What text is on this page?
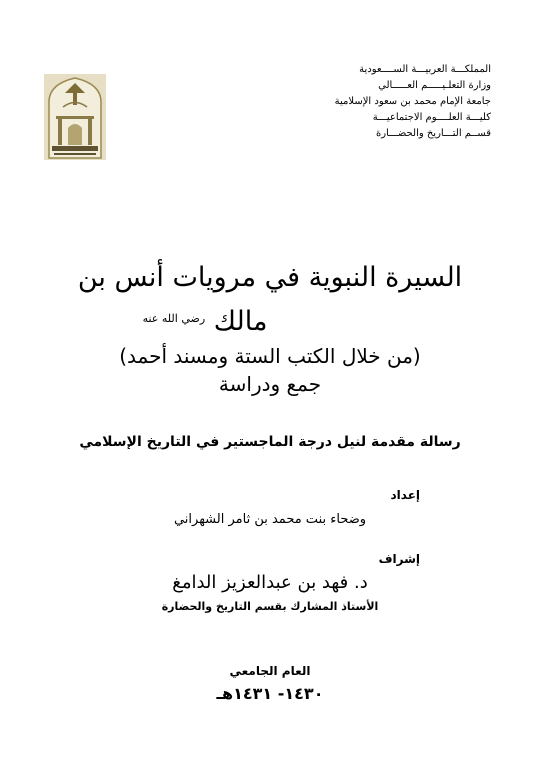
المملكـــة العربيـــة الســــعودية
وزارة التعلـيـــــم العـــــالي
جامعة الإمام محمد بن سعود الإسلامية
كليـــة العلــــوم الاجتماعيـــة
قســم التـــاريخ والحضـــارة
السيرة النبوية في مرويات أنس بن
مالك $^{رضي الله عنه}$
(من خلال الكتب الستة ومسند أحمد)
جمع ودراسة
رسالة مقدمة لنيل درجة الماجستير في التاريخ الإسلامي
إعداد
وضحاء بنت محمد بن ثامر الشهراني
إشراف
د. فهد بن عبدالعزيز الدامغ
الأستاذ المشارك بقسم التاريخ والحضارة
العام الجامعي
١٤٣٠- ١٤٣١هـ
